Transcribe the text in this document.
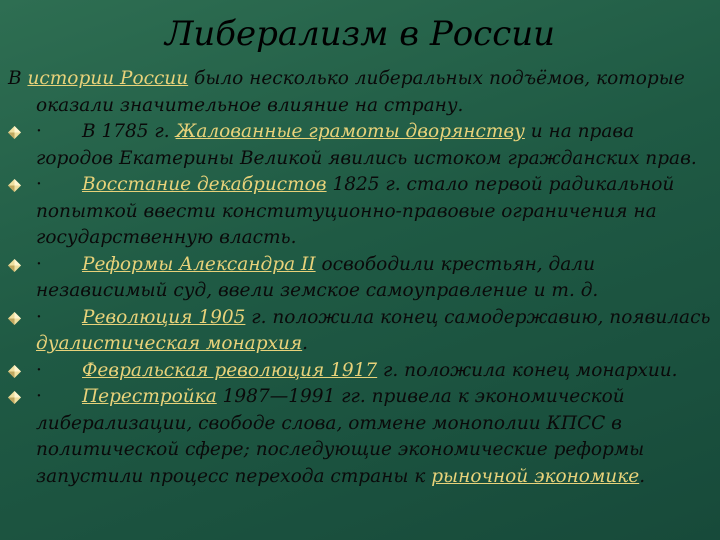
Либерализм в России

В истории России было несколько либеральных подъёмов, которые оказали значительное влияние на страну.

· В 1785 г. Жалованные грамоты дворянству и на права городов Екатерины Великой явились истоком гражданских прав.

· Восстание декабристов 1825 г. стало первой радикальной попыткой ввести конституционно-правовые ограничения на государственную власть.

· Реформы Александра II освободили крестьян, дали независимый суд, ввели земское самоуправление и т. д.

· Революция 1905 г. положила конец самодержавию, появилась дуалистическая монархия.

· Февральская революция 1917 г. положила конец монархии.

· Перестройка 1987—1991 гг. привела к экономической либерализации, свободе слова, отмене монополии КПСС в политической сфере; последующие экономические реформы запустили процесс перехода страны к рыночной экономике.
